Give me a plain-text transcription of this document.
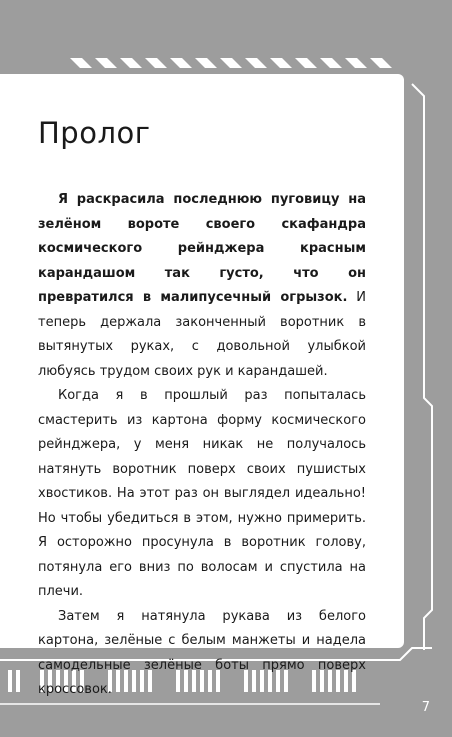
Пролог

Я раскрасила последнюю пуговицу на зелёном вороте своего скафандра космического рейнджера красным карандашом так густо, что он превратился в малипусечный огрызок. И теперь держала законченный воротник в вытянутых руках, с довольной улыбкой любуясь трудом своих рук и карандашей.

Когда я в прошлый раз попыталась смастерить из картона форму космического рейнджера, у меня никак не получалось натянуть воротник поверх своих пушистых хвостиков. На этот раз он выглядел идеально! Но чтобы убедиться в этом, нужно примерить. Я осторожно просунула в воротник голову, потянула его вниз по волосам и спустила на плечи.

Затем я натянула рукава из белого картона, зелёные с белым манжеты и надела самодельные зелёные боты прямо поверх кроссовок.

7
